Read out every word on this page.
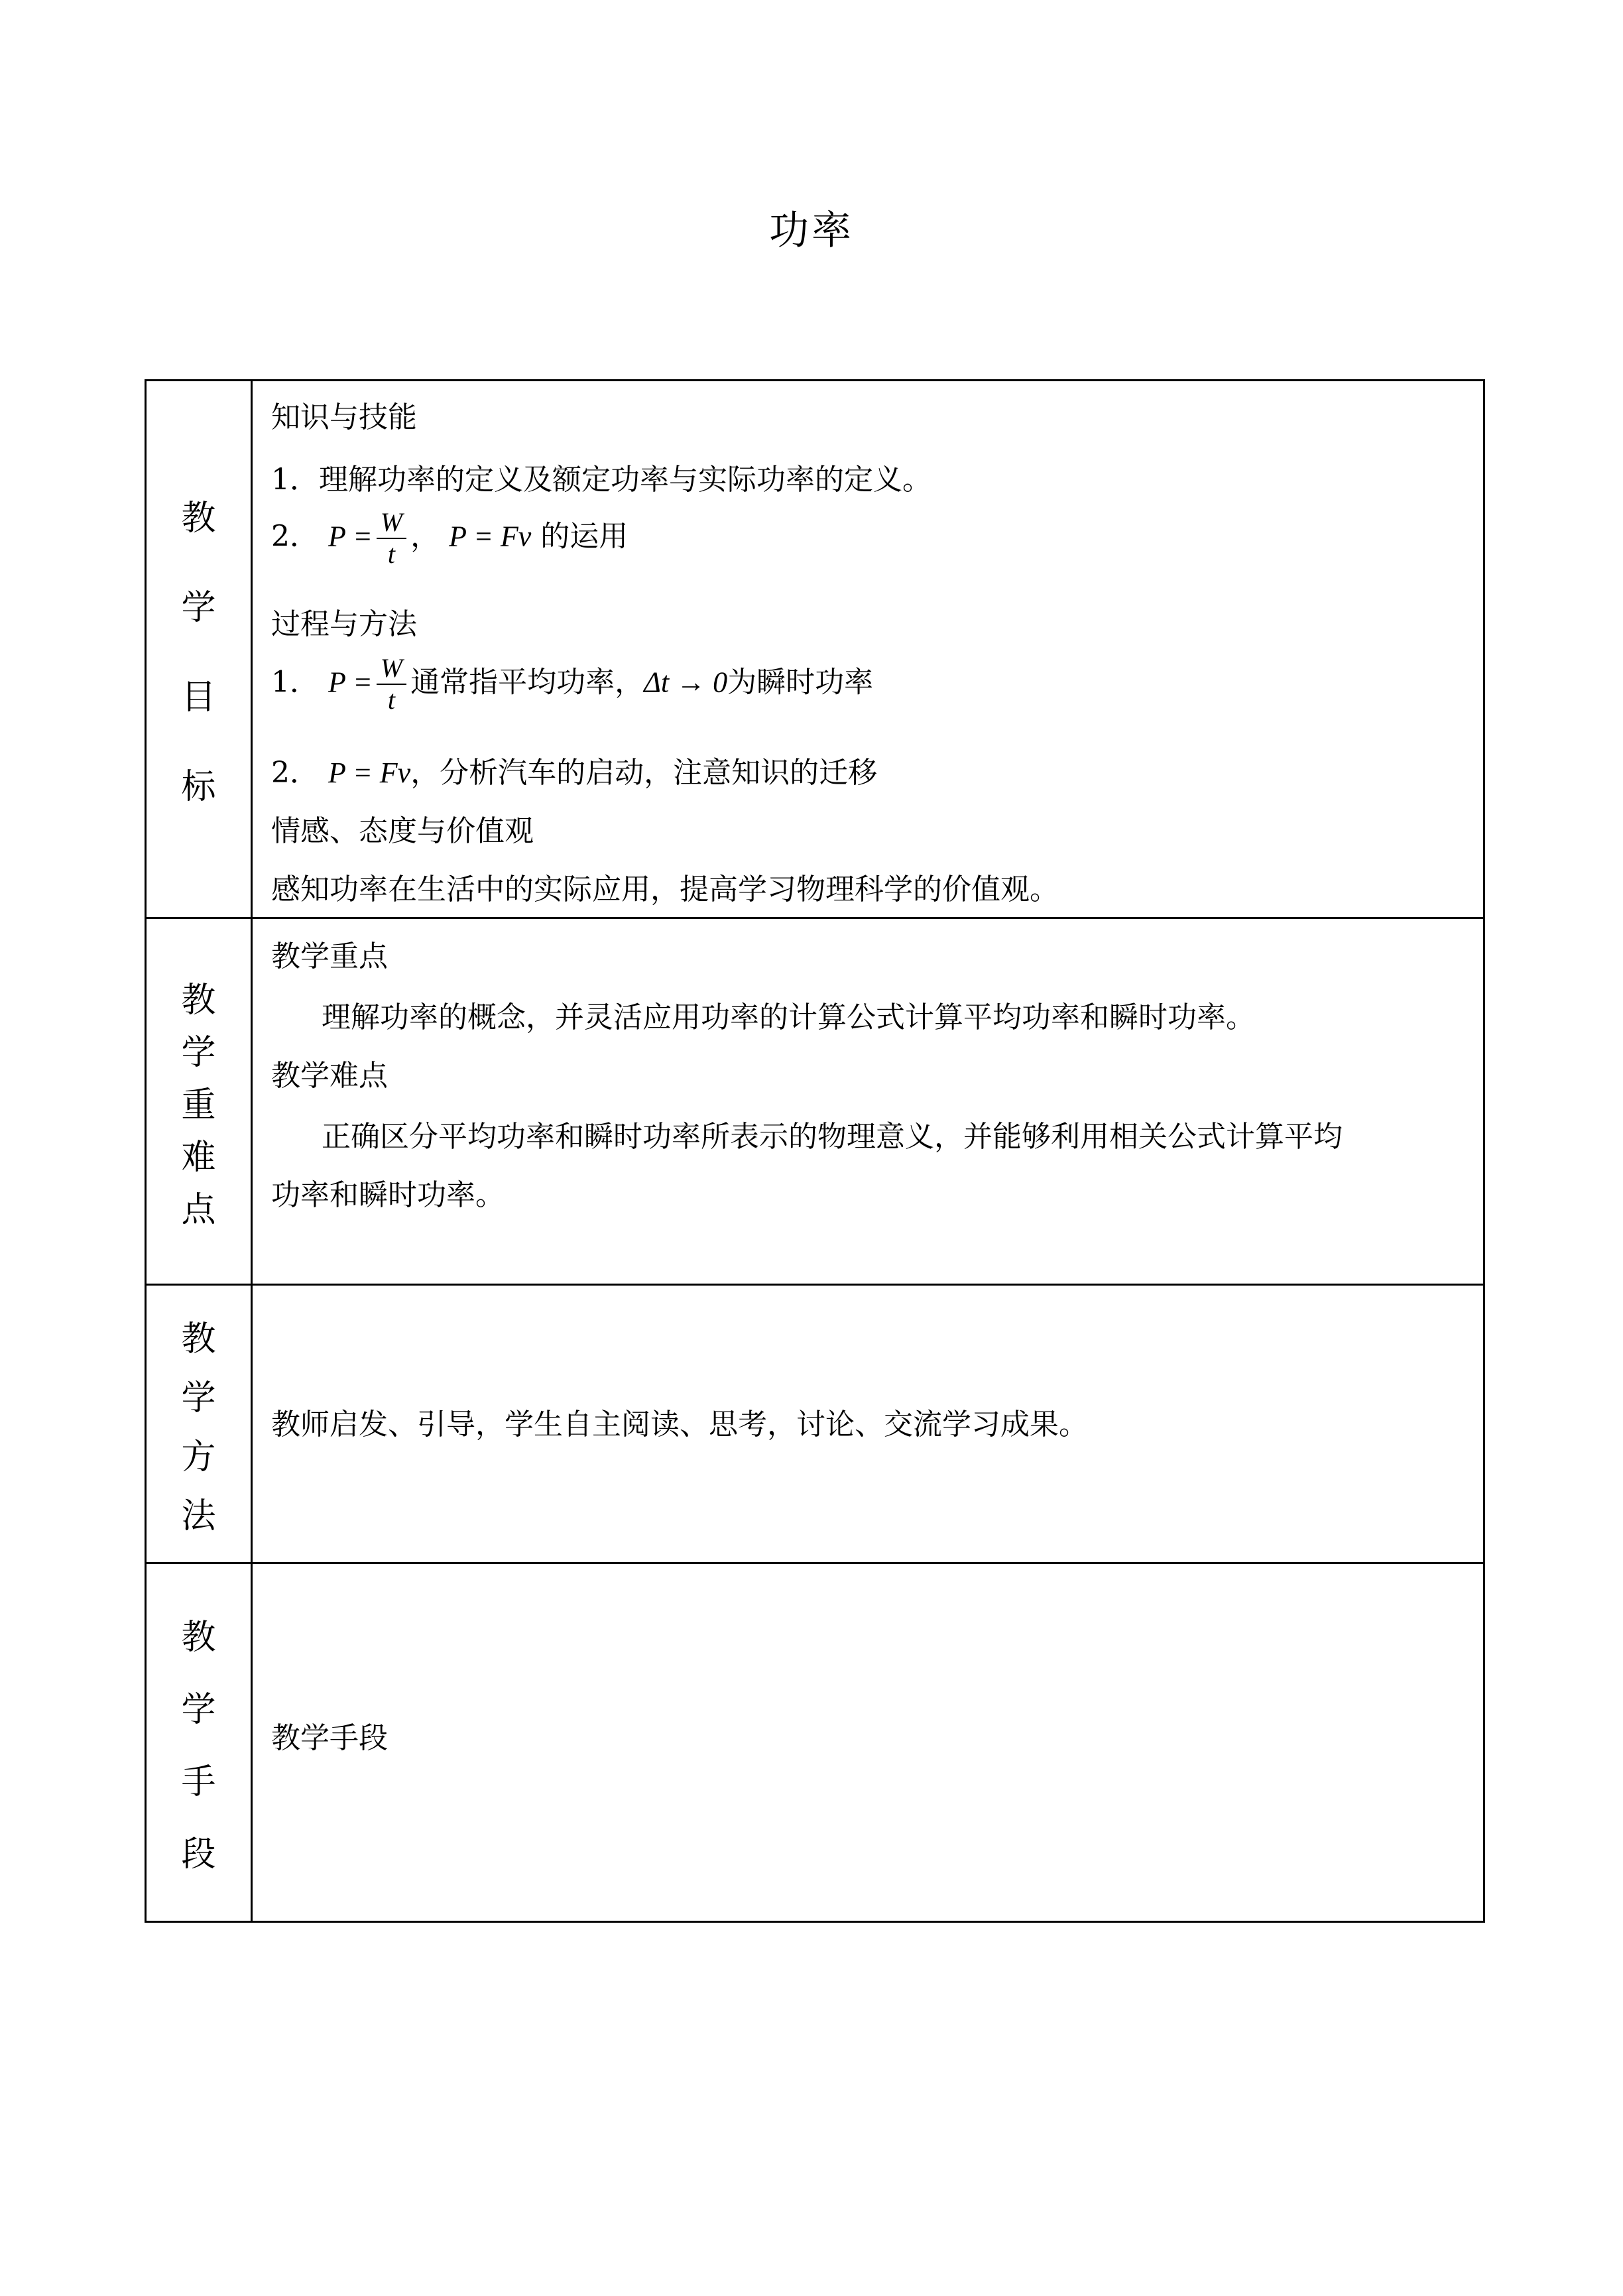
功率
教
学
目
标
知识与技能
1．理解功率的定义及额定功率与实际功率的定义。
2． $P = \frac{W}{t}$ ， P = Fv 的运用
过程与方法
1． $P = \frac{W}{t}$ 通常指平均功率，Δt → 0为瞬时功率
2． P = Fv，分析汽车的启动，注意知识的迁移
情感、态度与价值观
感知功率在生活中的实际应用，提高学习物理科学的价值观。
教
学
重
难
点
教学重点
理解功率的概念，并灵活应用功率的计算公式计算平均功率和瞬时功率。
教学难点
正确区分平均功率和瞬时功率所表示的物理意义，并能够利用相关公式计算平均
功率和瞬时功率。
教
学
方
法
教师启发、引导，学生自主阅读、思考，讨论、交流学习成果。
教
学
手
段
教学手段
